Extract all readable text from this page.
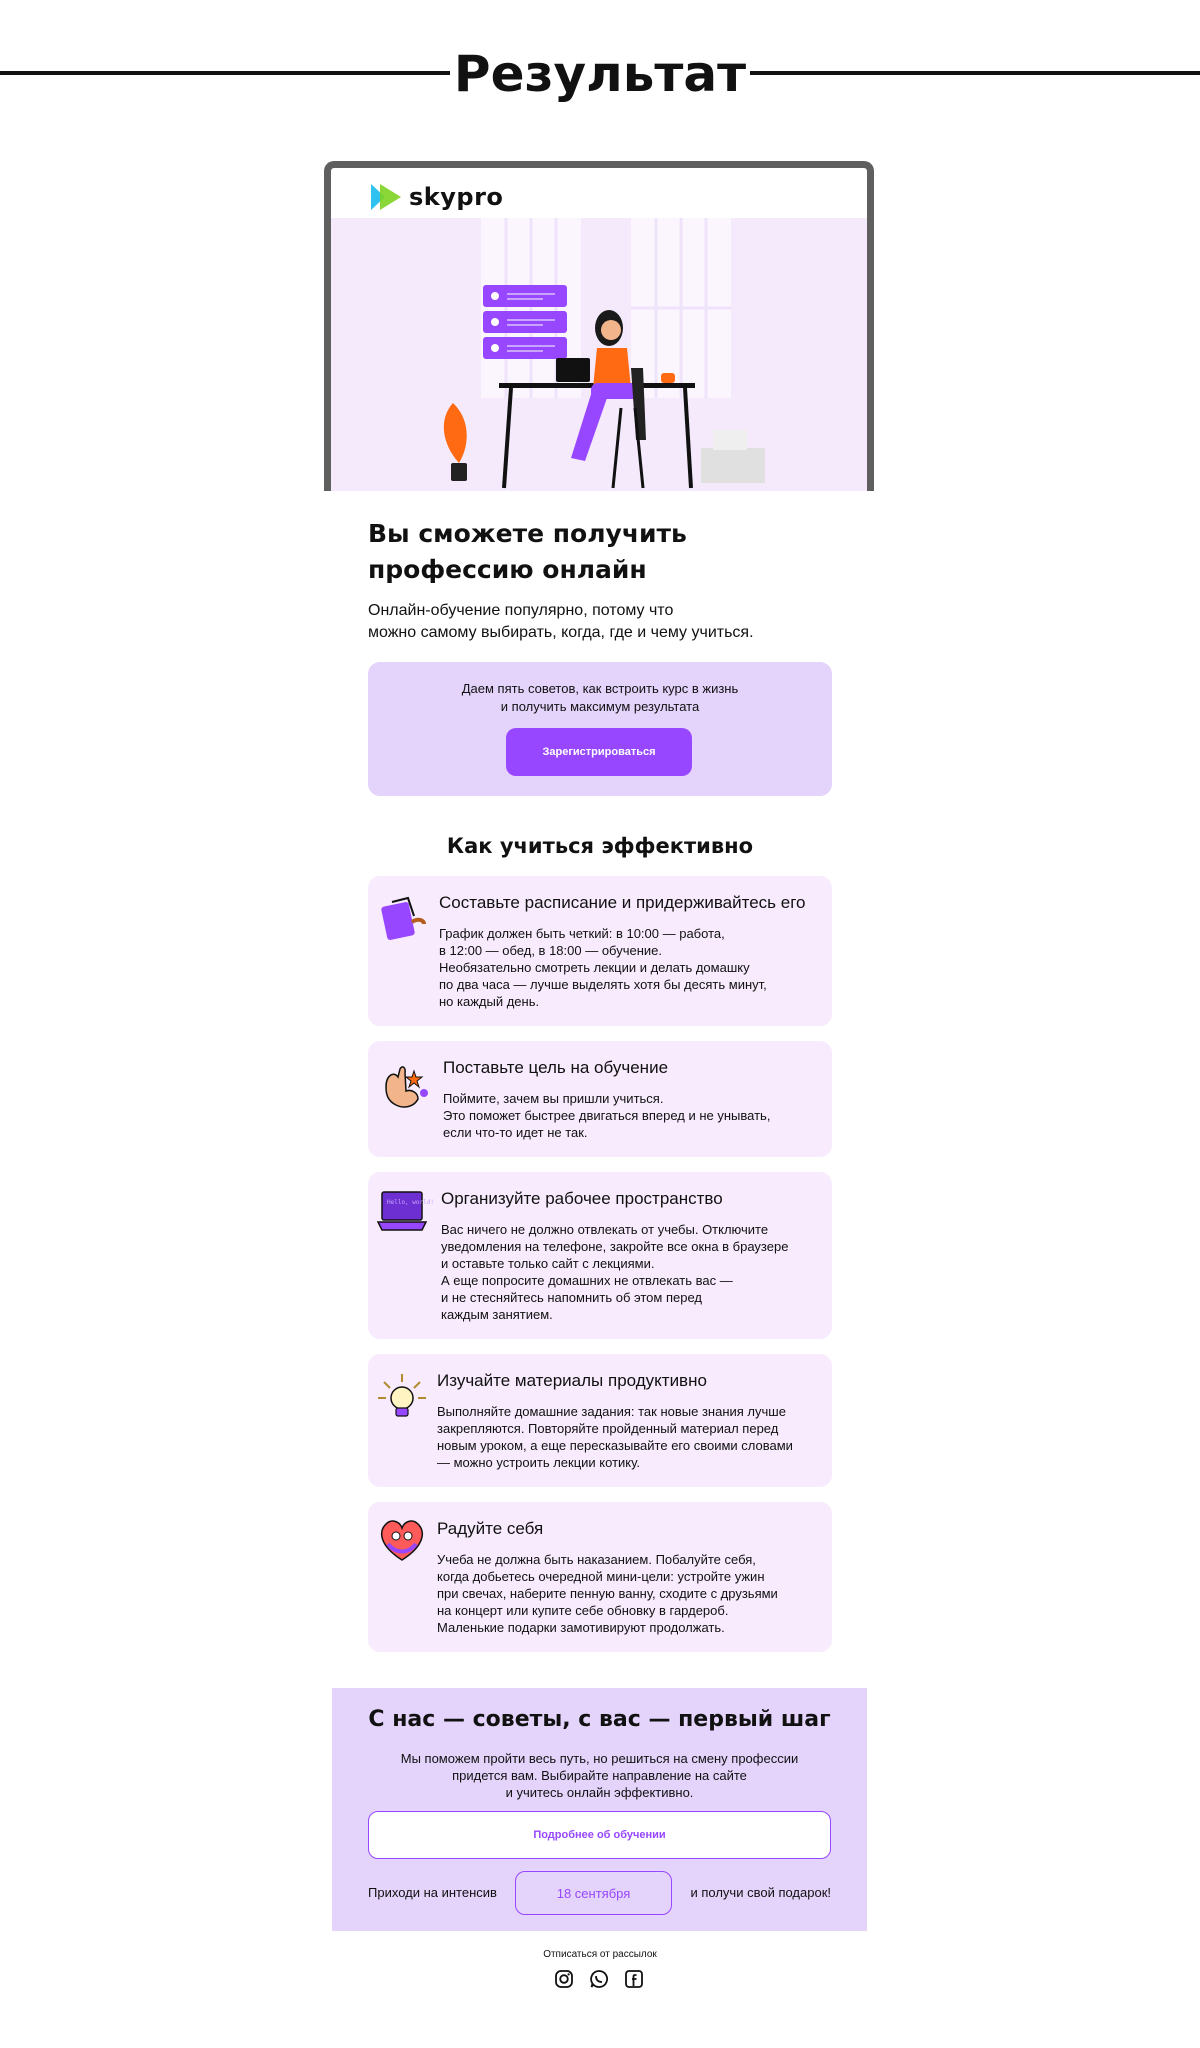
Результат
skypro
Вы сможете получить
профессию онлайн
Онлайн-обучение популярно, потому что
можно самому выбирать, когда, где и чему учиться.
Даем пять советов, как встроить курс в жизнь
и получить максимум результата
Зарегистрироваться
Как учиться эффективно
Составьте расписание и придерживайтесь его
График должен быть четкий: в 10:00 — работа,
в 12:00 — обед, в 18:00 — обучение.
Необязательно смотреть лекции и делать домашку
по два часа — лучше выделять хотя бы десять минут,
но каждый день.
Поставьте цель на обучение
Поймите, зачем вы пришли учиться.
Это поможет быстрее двигаться вперед и не унывать,
если что-то идет не так.
Hello, world! Организуйте рабочее пространство
Вас ничего не должно отвлекать от учебы. Отключите
уведомления на телефоне, закройте все окна в браузере
и оставьте только сайт с лекциями.
А еще попросите домашних не отвлекать вас —
и не стесняйтесь напомнить об этом перед
каждым занятием.
Изучайте материалы продуктивно
Выполняйте домашние задания: так новые знания лучше
закрепляются. Повторяйте пройденный материал перед
новым уроком, а еще пересказывайте его своими словами
— можно устроить лекции котику.
Радуйте себя
Учеба не должна быть наказанием. Побалуйте себя,
когда добьетесь очередной мини-цели: устройте ужин
при свечах, наберите пенную ванну, сходите с друзьями
на концерт или купите себе обновку в гардероб.
Маленькие подарки замотивируют продолжать.
С нас — советы, с вас — первый шаг
Мы поможем пройти весь путь, но решиться на смену профессии
придется вам. Выбирайте направление на сайте
и учитесь онлайн эффективно.
Подробнее об обучении
Приходи на интенсив	18 сентября	и получи свой подарок!
Отписаться от рассылок
